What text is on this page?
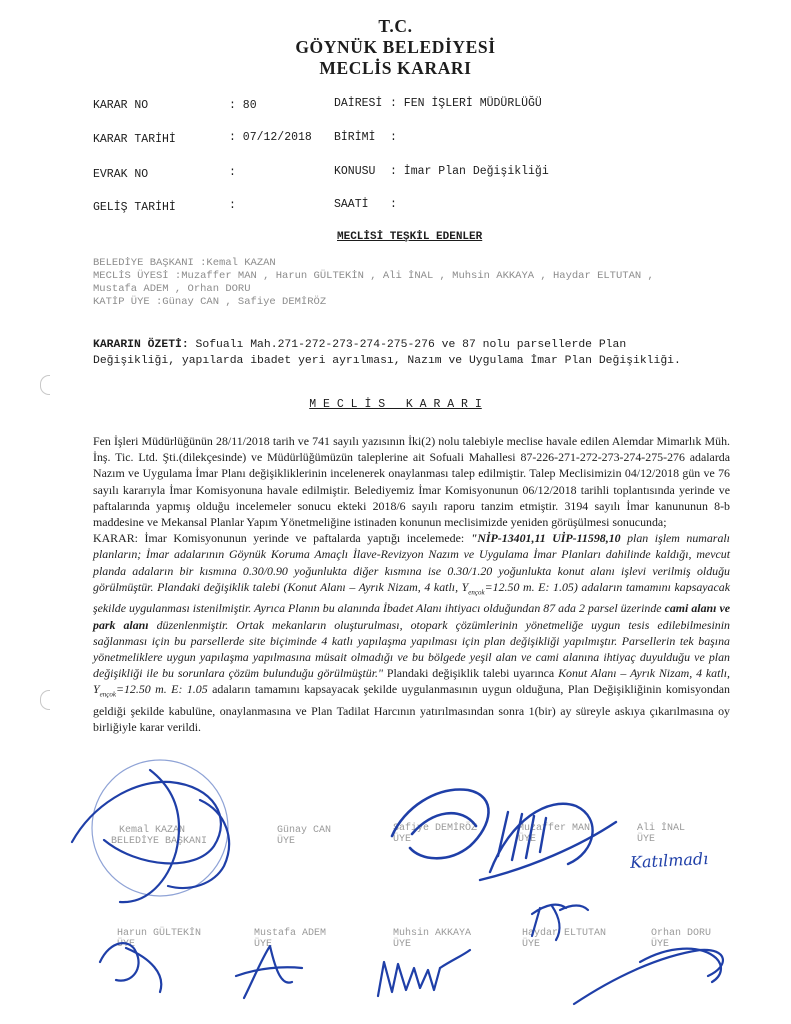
T.C.
GÖYNÜK BELEDİYESİ
MECLİS KARARI
KARAR NO	: 80	DAİRESİ : FEN İŞLERİ MÜDÜRLÜĞÜ
KARAR TARİHİ	: 07/12/2018 BİRİMİ :
EVRAK NO	:	KONUSU : İmar Plan Değişikliği
GELİŞ TARİHİ	:	SAATİ :
MECLİSİ TEŞKİL EDENLER
BELEDİYE BAŞKANI :Kemal KAZAN
MECLİS ÜYESİ :Muzaffer MAN , Harun GÜLTEKİN , Ali İNAL , Muhsin AKKAYA , Haydar ELTUTAN ,
Mustafa ADEM , Orhan DORU
KATİP ÜYE :Günay CAN , Safiye DEMİRÖZ
KARARIN ÖZETİ: Sofualı Mah.271-272-273-274-275-276 ve 87 nolu parsellerde Plan Değişikliği, yapılarda ibadet yeri ayrılması, Nazım ve Uygulama İmar Plan Değişikliği.
M E C L İ S   K A R A R I

Fen İşleri Müdürlüğünün 28/11/2018 tarih ve 741 sayılı yazısının İki(2) nolu talebiyle meclise havale edilen Alemdar Mimarlık Müh. İnş. Tic. Ltd. Şti.(dilekçesinde) ve Müdürlüğümüzün taleplerine ait Sofuali Mahallesi 87-226-271-272-273-274-275-276 adalarda Nazım ve Uygulama İmar Planı değişikliklerinin incelenerek onaylanması talep edilmiştir. Talep Meclisimizin 04/12/2018 gün ve 76 sayılı kararıyla İmar Komisyonuna havale edilmiştir. Belediyemiz İmar Komisyonunun 06/12/2018 tarihli toplantısında yerinde ve paftalarında yapmış olduğu incelemeler sonucu ekteki 2018/6 sayılı raporu tanzim etmiştir. 3194 sayılı İmar kanununun 8-b maddesine ve Mekansal Planlar Yapım Yönetmeliğine istinaden konunun meclisimizde yeniden görüşülmesi sonucunda;

KARAR: İmar Komisyonunun yerinde ve paftalarda yaptığı incelemede: "NİP-13401,11 UİP-11598,10 plan işlem numaralı planların; İmar adalarının Göynük Koruma Amaçlı İlave-Revizyon Nazım ve Uygulama İmar Planları dahilinde kaldığı, mevcut planda adaların bir kısmına 0.30/0.90 yoğunlukta diğer kısmına ise 0.30/1.20 yoğunlukta konut alanı işlevi verilmiş olduğu görülmüştür. Plandaki değişiklik talebi (Konut Alanı – Ayrık Nizam, 4 katlı, $Y_{ençok}=12.50$ m. E: 1.05) adaların tamamını kapsayacak şekilde uygulanması istenilmiştir. Ayrıca Planın bu alanında İbadet Alanı ihtiyacı olduğundan 87 ada 2 parsel üzerinde cami alanı ve park alanı düzenlenmiştir. Ortak mekanların oluşturulması, otopark çözümlerinin yönetmeliğe uygun tesis edilebilmesinin sağlanması için bu parsellerde site biçiminde 4 katlı yapılaşma yapılması için plan değişikliği yapılmıştır. Parsellerin tek başına yönetmeliklere uygun yapılaşma yapılmasına müsait olmadığı ve bu bölgede yeşil alan ve cami alanına ihtiyaç duyulduğu ve plan değişikliği ile bu sorunlara çözüm bulunduğu görülmüştür." Plandaki değişiklik talebi uyarınca Konut Alanı – Ayrık Nizam, 4 katlı, $Y_{ençok}=12.50$ m. E: 1.05 adaların tamamını kapsayacak şekilde uygulanmasının uygun olduğuna, Plan Değişikliğinin komisyondan geldiği şekilde kabulüne, onaylanmasına ve Plan Tadilat Harcının yatırılmasından sonra 1(bir) ay süreyle askıya çıkarılmasına oy birliğiyle karar verildi.

Kemal KAZAN
BELEDİYE BAŞKANI
Günay CAN
ÜYE
Safiye DEMİRÖZ
ÜYE
Muzaffer MAN
ÜYE
Ali İNAL
ÜYE
Harun GÜLTEKİN
ÜYE
Mustafa ADEM
ÜYE
Muhsin AKKAYA
ÜYE
Haydar ELTUTAN
ÜYE
Orhan DORU
ÜYE
Katılmadı
